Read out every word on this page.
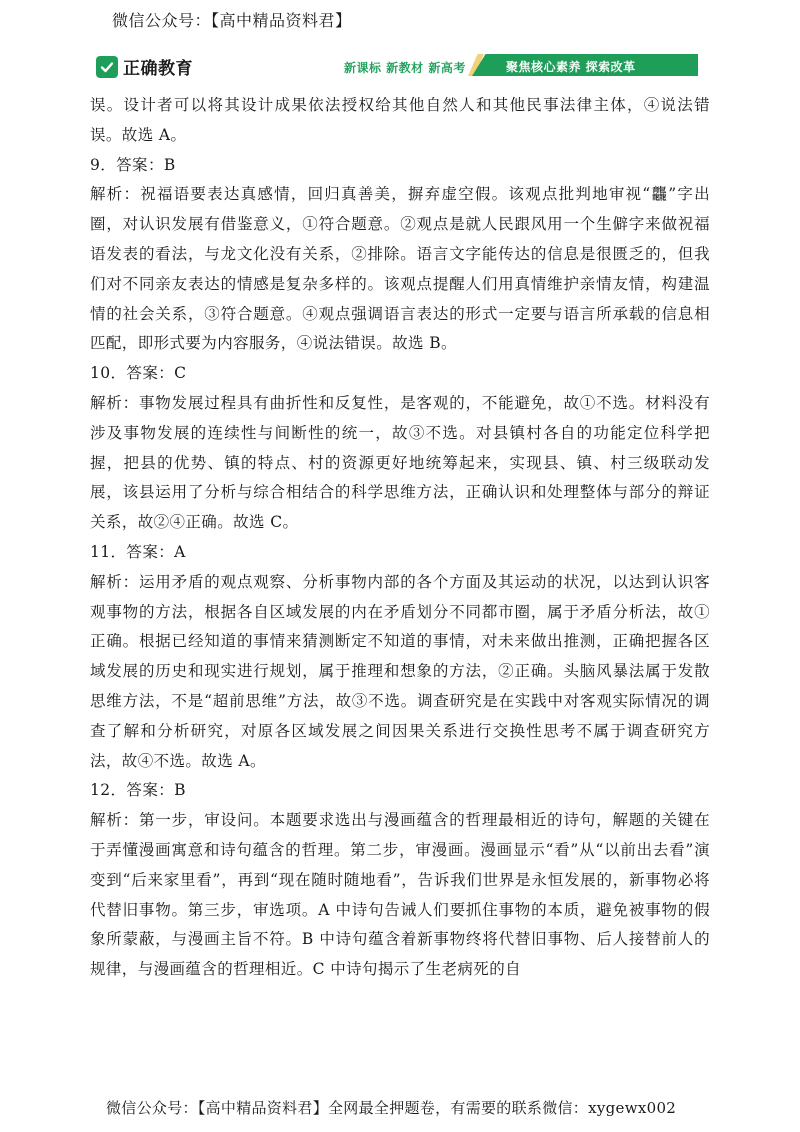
微信公众号：【高中精品资料君】
正确教育	新课标 新教材 新高考	聚焦核心素养 探索改革

误。设计者可以将其设计成果依法授权给其他自然人和其他民事法律主体，④说法错误。故选 A。

9．答案：B

解析：祝福语要表达真感情，回归真善美，摒弃虚空假。该观点批判地审视“龘”字出圈，对认识发展有借鉴意义，①符合题意。②观点是就人民跟风用一个生僻字来做祝福语发表的看法，与龙文化没有关系，②排除。语言文字能传达的信息是很匮乏的，但我们对不同亲友表达的情感是复杂多样的。该观点提醒人们用真情维护亲情友情，构建温情的社会关系，③符合题意。④观点强调语言表达的形式一定要与语言所承载的信息相匹配，即形式要为内容服务，④说法错误。故选 B。

10．答案：C

解析：事物发展过程具有曲折性和反复性，是客观的，不能避免，故①不选。材料没有涉及事物发展的连续性与间断性的统一，故③不选。对县镇村各自的功能定位科学把握，把县的优势、镇的特点、村的资源更好地统筹起来，实现县、镇、村三级联动发展，该县运用了分析与综合相结合的科学思维方法，正确认识和处理整体与部分的辩证关系，故②④正确。故选 C。

11．答案：A

解析：运用矛盾的观点观察、分析事物内部的各个方面及其运动的状况，以达到认识客观事物的方法，根据各自区域发展的内在矛盾划分不同都市圈，属于矛盾分析法，故①正确。根据已经知道的事情来猜测断定不知道的事情，对未来做出推测，正确把握各区域发展的历史和现实进行规划，属于推理和想象的方法，②正确。头脑风暴法属于发散思维方法，不是“超前思维”方法，故③不选。调查研究是在实践中对客观实际情况的调查了解和分析研究，对原各区域发展之间因果关系进行交换性思考不属于调查研究方法，故④不选。故选 A。

12．答案：B

解析：第一步，审设问。本题要求选出与漫画蕴含的哲理最相近的诗句，解题的关键在于弄懂漫画寓意和诗句蕴含的哲理。第二步，审漫画。漫画显示“看”从“以前出去看”演变到“后来家里看”，再到“现在随时随地看”，告诉我们世界是永恒发展的，新事物必将代替旧事物。第三步，审选项。A 中诗句告诫人们要抓住事物的本质，避免被事物的假象所蒙蔽，与漫画主旨不符。B 中诗句蕴含着新事物终将代替旧事物、后人接替前人的规律，与漫画蕴含的哲理相近。C 中诗句揭示了生老病死的自

微信公众号：【高中精品资料君】全网最全押题卷，有需要的联系微信：xygewx002
